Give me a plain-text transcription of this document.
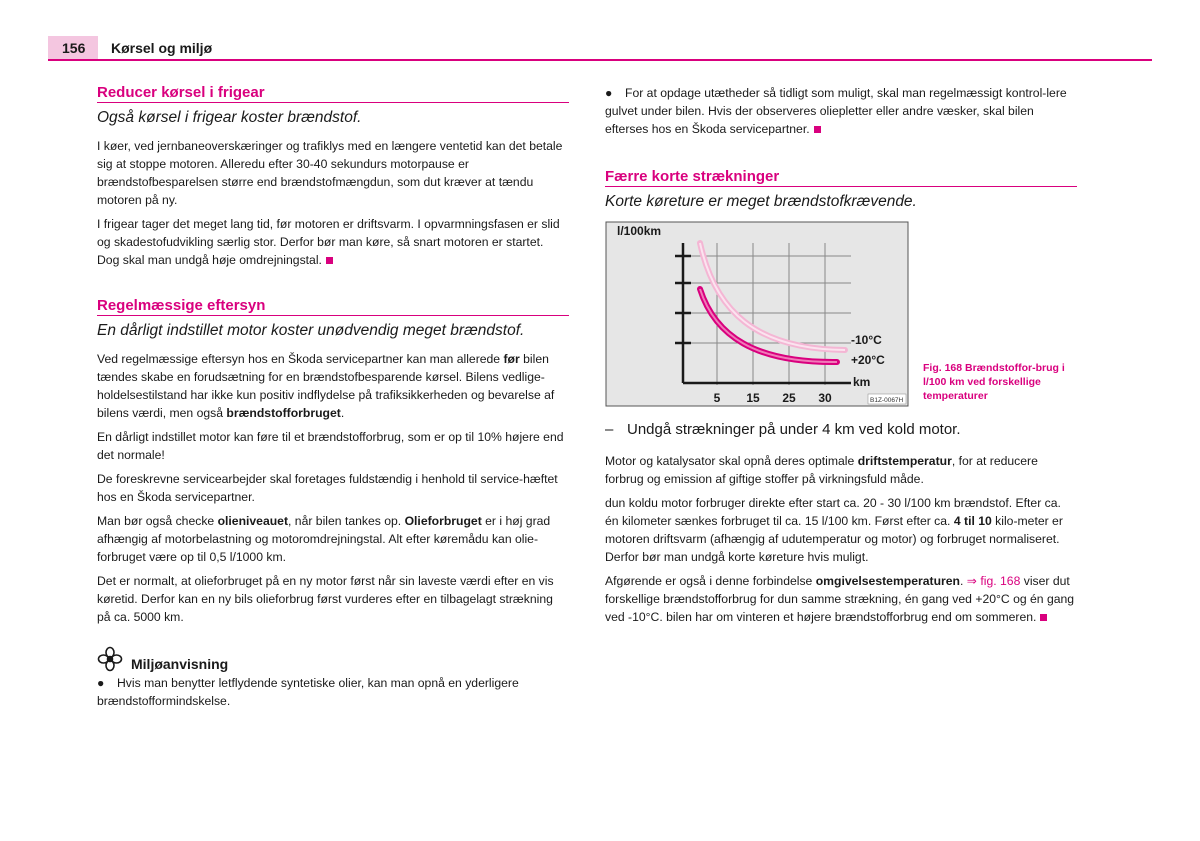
156 Kørsel og miljø
Reducer kørsel i frigear
Også kørsel i frigear koster brændstof.

I køer, ved jernbaneoverskæringer og trafiklys med en længere ventetid kan det betale sig at stoppe motoren. Alleredu efter 30-40 sekundurs motorpause er brændstofbesparelsen større end brændstofmængdun, som dut kræver at tændu motoren på ny.

I frigear tager det meget lang tid, før motoren er driftsvarm. I opvarmningsfasen er slid og skadestofudvikling særlig stor. Derfor bør man køre, så snart motoren er startet. Dog skal man undgå høje omdrejningstal.

Regelmæssige eftersyn
En dårligt indstillet motor koster unødvendig meget brændstof.

Ved regelmæssige eftersyn hos en Škoda servicepartner kan man allerede før bilen tændes skabe en forudsætning for en brændstofbesparende kørsel. Bilens vedlige-holdelsestilstand har ikke kun positiv indflydelse på trafiksikkerheden og bevarelse af bilens værdi, men også brændstofforbruget.

En dårligt indstillet motor kan føre til et brændstofforbrug, som er op til 10% højere end det normale!

De foreskrevne servicearbejder skal foretages fuldstændig i henhold til service-hæftet hos en Škoda servicepartner.

Man bør også checke olieniveauet, når bilen tankes op. Olieforbruget er i høj grad afhængig af motorbelastning og motoromdrejningstal. Alt efter køremådu kan olie-forbruget være op til 0,5 l/1000 km.

Det er normalt, at olieforbruget på en ny motor først når sin laveste værdi efter en vis køretid. Derfor kan en ny bils olieforbrug først vurderes efter en tilbagelagt strækning på ca. 5000 km.

Miljøanvisning
● Hvis man benytter letflydende syntetiske olier, kan man opnå en yderligere brændstofformindskelse.
● For at opdage utætheder så tidligt som muligt, skal man regelmæssigt kontrol-lere gulvet under bilen. Hvis der observeres oliepletter eller andre væsker, skal bilen efterses hos en Škoda servicepartner.
Færre korte strækninger
Korte køreture er meget brændstofkrævende.
l/100km
km
-10°C
+20°C
5 15 25 30	B1Z-0067H
Fig. 168 Brændstoffor-brug i l/100 km ved forskellige temperaturer
– Undgå strækninger på under 4 km ved kold motor.

Motor og katalysator skal opnå deres optimale driftstemperatur, for at reducere forbrug og emission af giftige stoffer på virkningsfuld måde.

dun koldu motor forbruger direkte efter start ca. 20 - 30 l/100 km brændstof. Efter ca. én kilometer sænkes forbruget til ca. 15 l/100 km. Først efter ca. 4 til 10 kilo-meter er motoren driftsvarm (afhængig af udutemperatur og motor) og forbruget normaliseret. Derfor bør man undgå korte køreture hvis muligt.

Afgørende er også i denne forbindelse omgivelsestemperaturen. ⇒ fig. 168 viser dut forskellige brændstofforbrug for dun samme strækning, én gang ved +20°C og én gang ved -10°C. bilen har om vinteren et højere brændstofforbrug end om sommeren.
